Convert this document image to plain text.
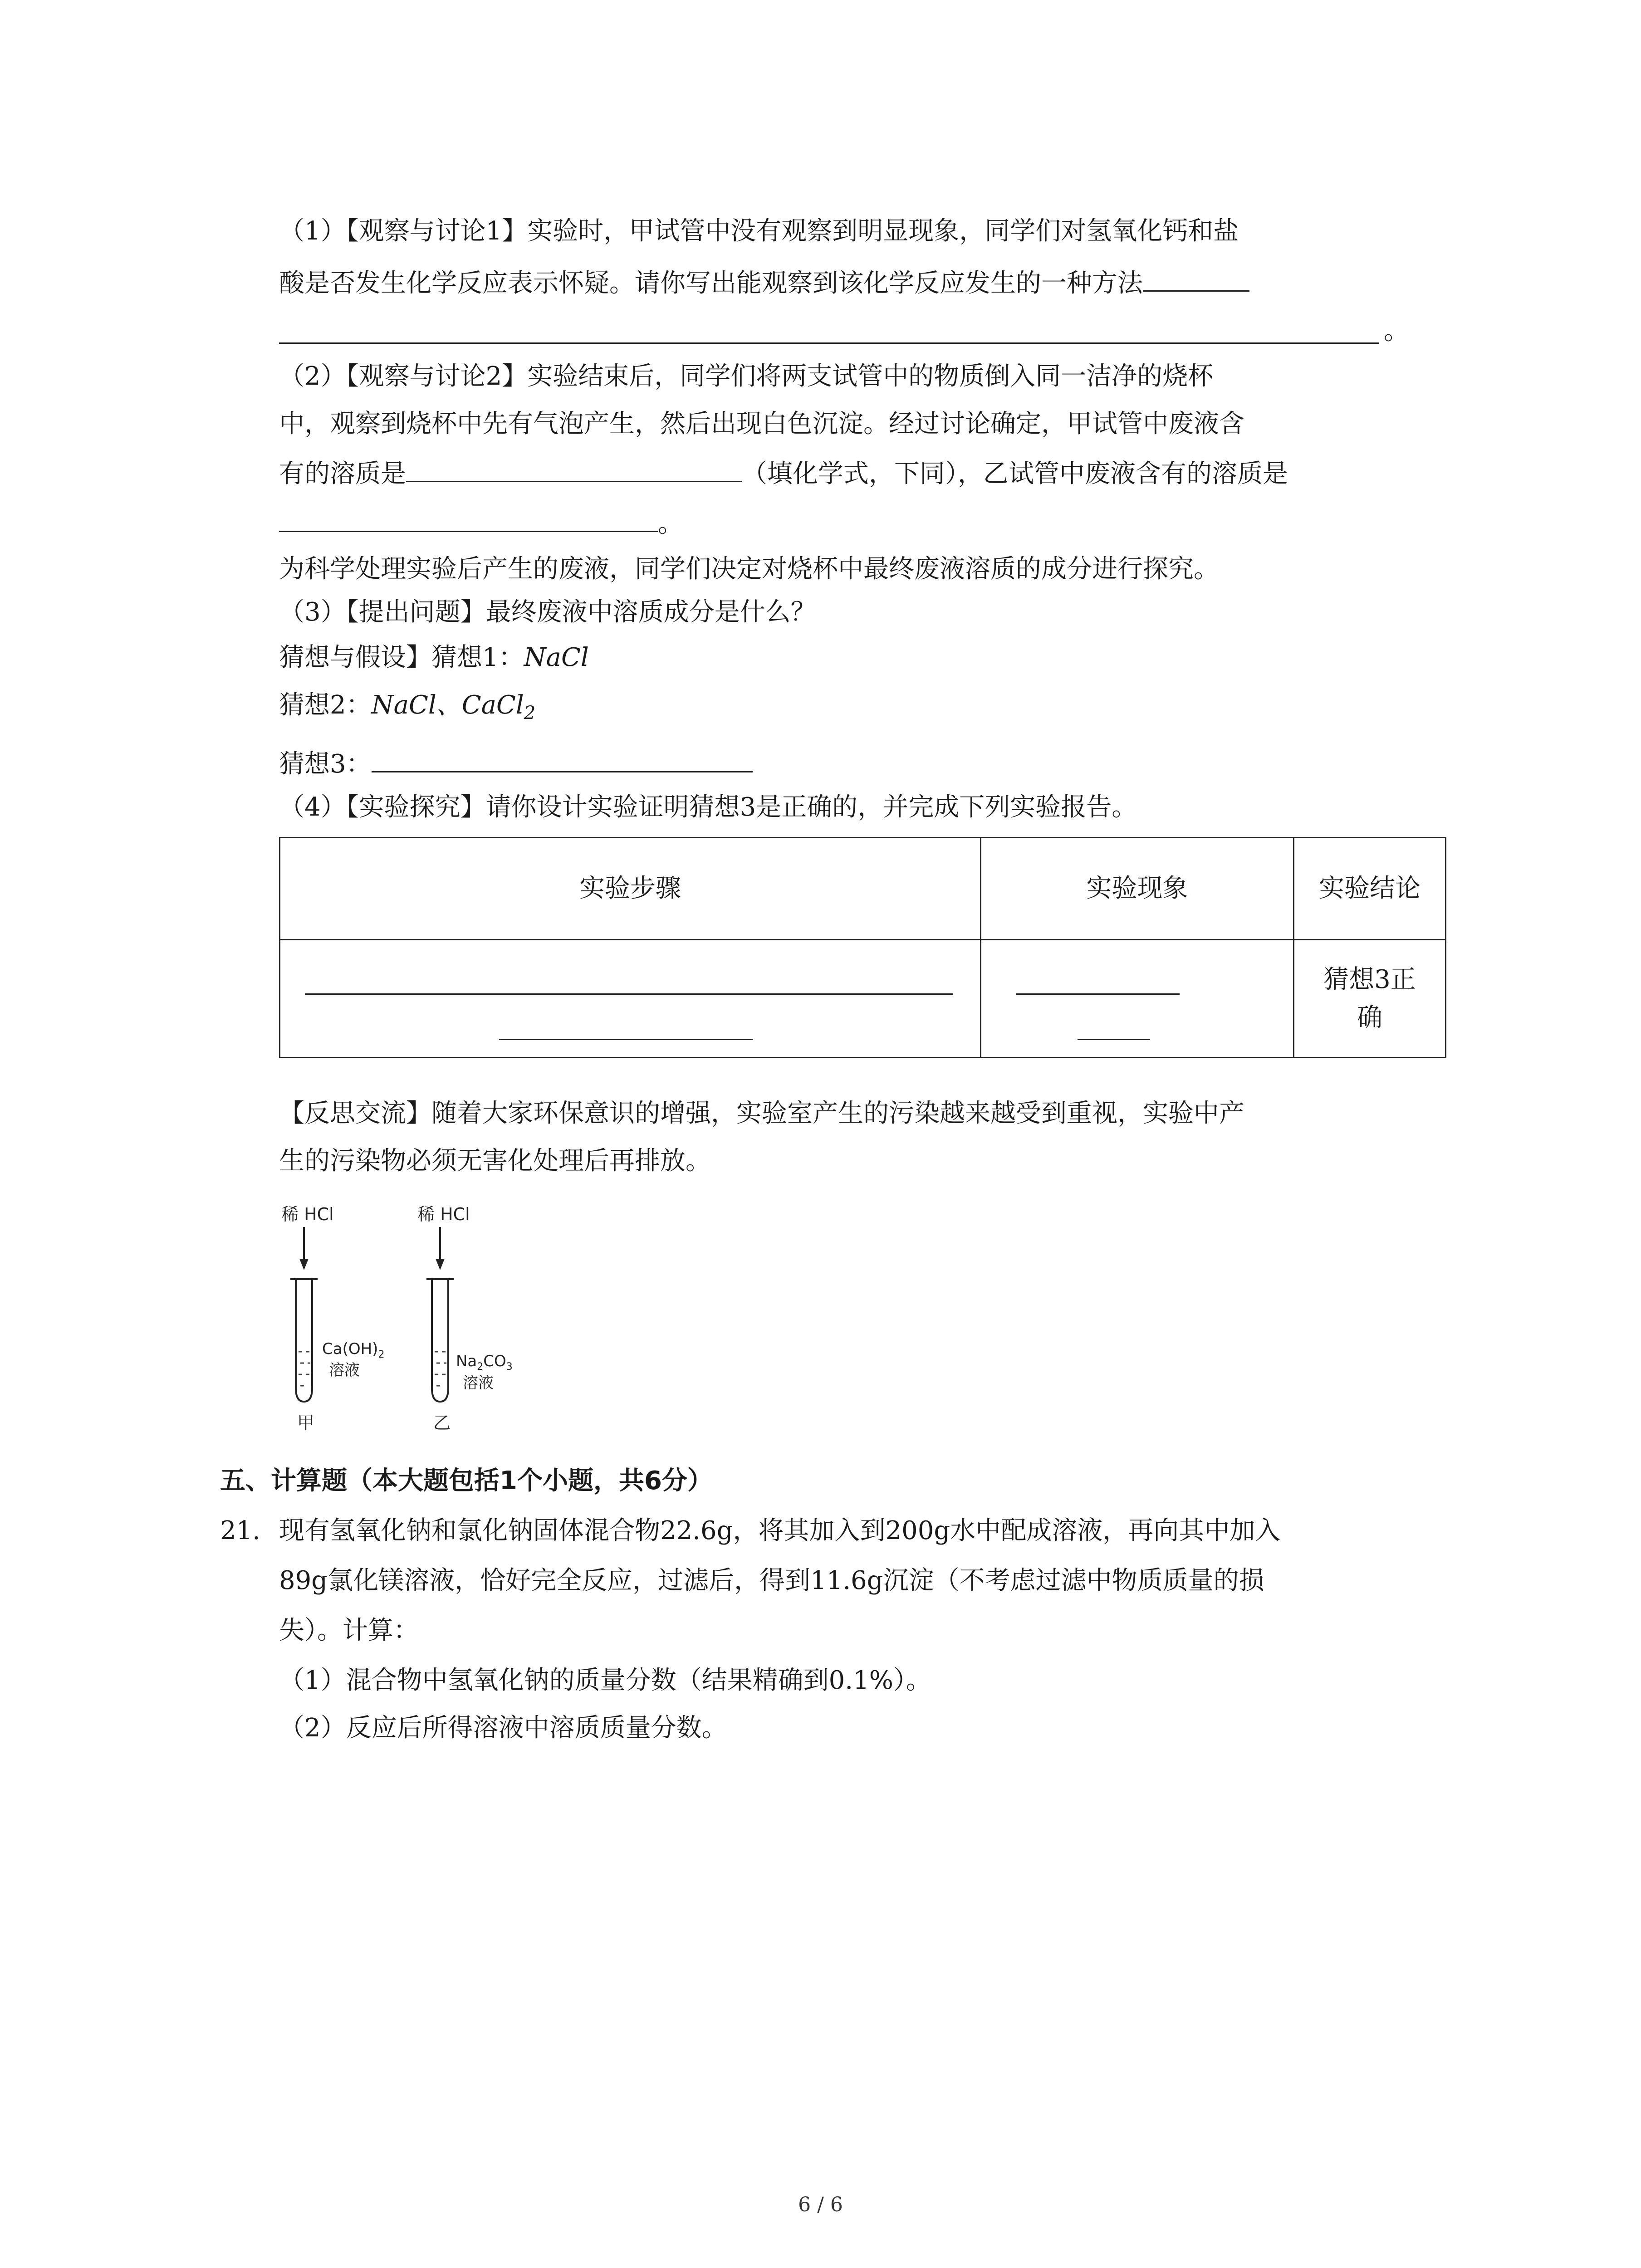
（1）【观察与讨论1】实验时，甲试管中没有观察到明显现象，同学们对氢氧化钙和盐
酸是否发生化学反应表示怀疑。请你写出能观察到该化学反应发生的一种方法
。
（2）【观察与讨论2】实验结束后，同学们将两支试管中的物质倒入同一洁净的烧杯
中，观察到烧杯中先有气泡产生，然后出现白色沉淀。经过讨论确定，甲试管中废液含
有的溶质是	（填化学式，下同），乙试管中废液含有的溶质是
。
为科学处理实验后产生的废液，同学们决定对烧杯中最终废液溶质的成分进行探究。
（3）【提出问题】最终废液中溶质成分是什么？
猜想与假设】猜想1：NaCl
猜想2：NaCl、CaCl$_2$
猜想3：
（4）【实验探究】请你设计实验证明猜想3是正确的，并完成下列实验报告。
实验步骤	实验现象	实验结论
		猜想3正确
【反思交流】随着大家环保意识的增强，实验室产生的污染越来越受到重视，实验中产
生的污染物必须无害化处理后再排放。
稀 HCl
$Ca(OH)_2$
溶液
甲
稀 HCl
$Na_2CO_3$
溶液
乙
五、计算题（本大题包括1个小题，共6分）
21. 现有氢氧化钠和氯化钠固体混合物22.6g，将其加入到200g水中配成溶液，再向其中加入
89g氯化镁溶液，恰好完全反应，过滤后，得到11.6g沉淀（不考虑过滤中物质质量的损
失）。计算：
（1）混合物中氢氧化钠的质量分数（结果精确到0.1%）。
（2）反应后所得溶液中溶质质量分数。
6 / 6
